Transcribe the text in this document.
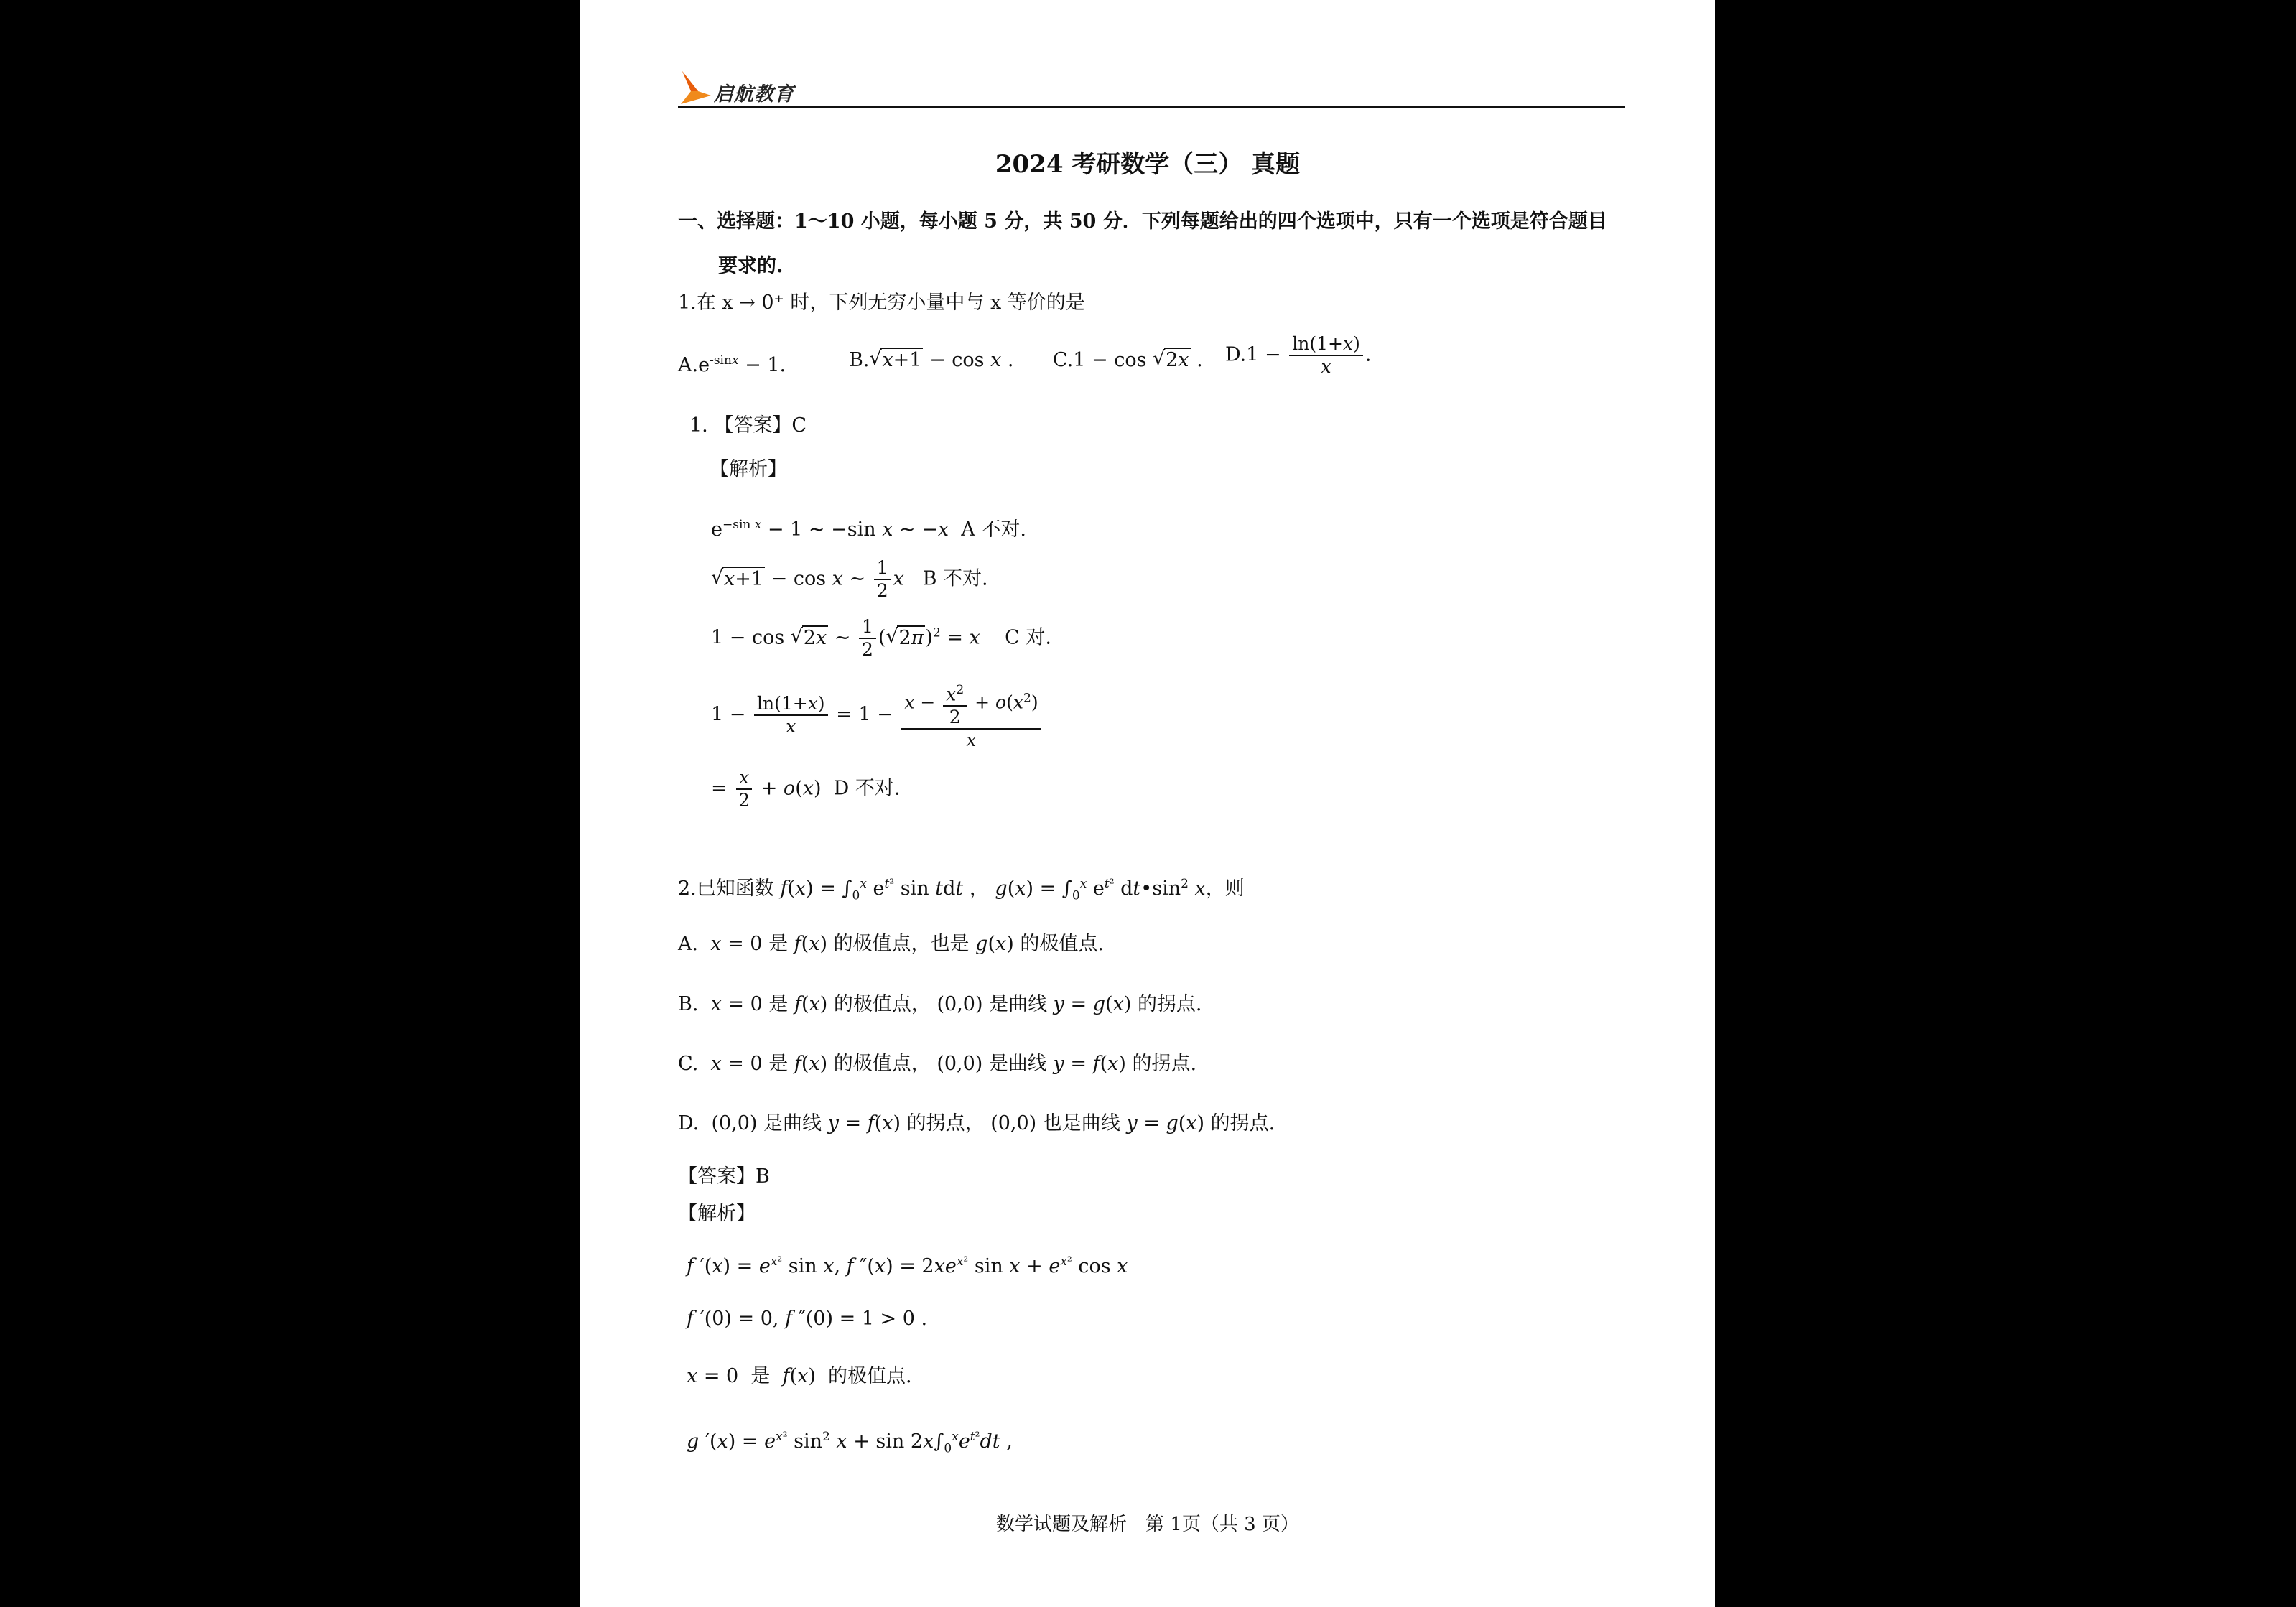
启航教育
2024 考研数学（三） 真题
一、选择题：1～10 小题，每小题 5 分，共 50 分．下列每题给出的四个选项中，只有一个选项是符合题目
要求的.
1.在 x → 0⁺ 时，下列无穷小量中与 x 等价的是
$A.e^{-sinx} - 1$.	B. √ x+1 − cos x . C.1 − cos √ 2x . $D.1 - \frac{\ln(1+x)}{x}$ .
1. 【答案】C
【解析】
$e^{-sin x} - 1$ ~ −sin x ~ −x A 不对.
√ x+1 − cos x ~ $\frac{1}{2}$ x B 不对.
1 − cos √ 2x ~ $\frac{1}{2}$ ( √ 2π)$^2$ = x C 对.
$1 - \frac{\ln(1+x)}{x} = 1 - \frac{x - \frac{x^2}{2} + o(x^2)}{x}$
= $\frac{x}{2} + o(x)$  D 不对.
2.已知函数 $f(x) = \int_0^x$ $e^{t^2}$ sin tdt ， $g(x) = \int_0^x$ $e^{t^2}$ $dt•\sin^2$ x，则
A. x = 0 是 f(x) 的极值点，也是 g(x) 的极值点.
B. x = 0 是 f(x) 的极值点， (0,0) 是曲线 y = g(x) 的拐点.
C. x = 0 是 f(x) 的极值点， (0,0) 是曲线 y = f(x) 的拐点.
D.  (0,0) 是曲线 y = f(x) 的拐点， (0,0) 也是曲线 y = g(x) 的拐点.
【答案】B
【解析】
f $'(x) = e^{x^2}$ sin x, f $''(x) = 2xe^{x^2}$ $\sin x + e^{x^2}$ cos x
f ′(0) = 0, f ″(0) = 1 > 0 .
x = 0  是 f(x)  的极值点.
g $'(x) = e^{x^2}$ $\sin^2 x + \sin 2x\int_0^xe^{t^2}dt$ ,
数学试题及解析　第 1页（共 3 页）
